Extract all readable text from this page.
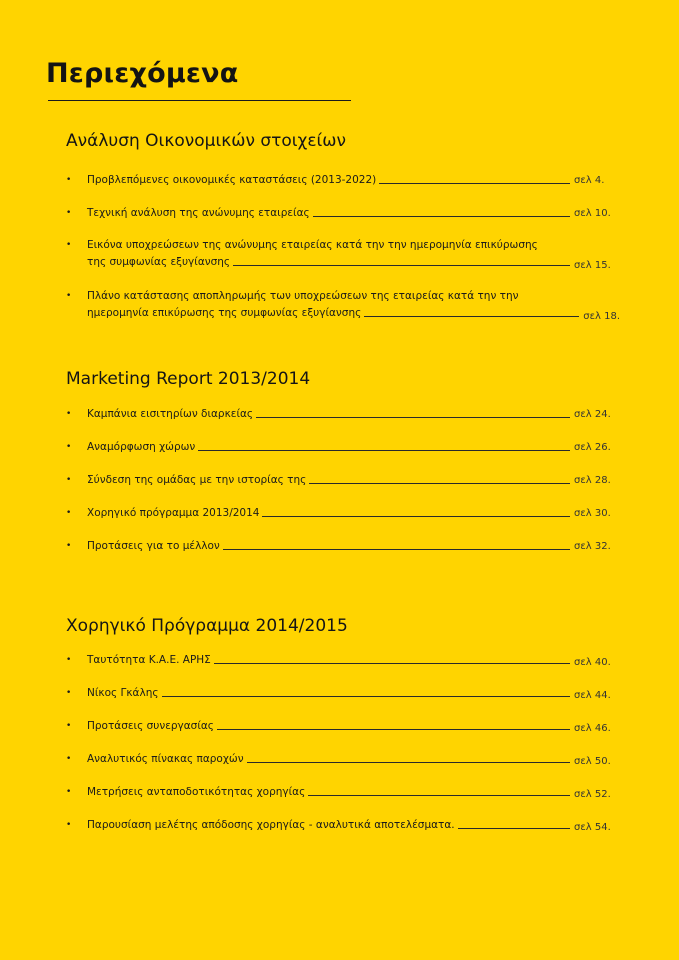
Περιεχόμενα
Ανάλυση Οικονομικών στοιχείων
• Προβλεπόμενες οικονομικές καταστάσεις (2013-2022)	σελ 4.
• Τεχνική ανάλυση της ανώνυμης εταιρείας	σελ 10.
• Εικόνα υποχρεώσεων της ανώνυμης εταιρείας κατά την την ημερομηνία επικύρωσης
της συμφωνίας εξυγίανσης	σελ 15.
• Πλάνο κατάστασης αποπληρωμής των υποχρεώσεων της εταιρείας κατά την την
ημερομηνία επικύρωσης της συμφωνίας εξυγίανσης	σελ 18.
Marketing Report 2013/2014
• Καμπάνια εισιτηρίων διαρκείας	σελ 24.
• Αναμόρφωση χώρων	σελ 26.
• Σύνδεση της ομάδας με την ιστορίας της	σελ 28.
• Χορηγικό πρόγραμμα 2013/2014	σελ 30.
• Προτάσεις για το μέλλον	σελ 32.
Χορηγικό Πρόγραμμα 2014/2015
• Ταυτότητα Κ.Α.Ε. ΑΡΗΣ	σελ 40.
• Νίκος Γκάλης	σελ 44.
• Προτάσεις συνεργασίας	σελ 46.
• Αναλυτικός πίνακας παροχών	σελ 50.
• Μετρήσεις ανταποδοτικότητας χορηγίας	σελ 52.
• Παρουσίαση μελέτης απόδοσης χορηγίας - αναλυτικά αποτελέσματα.	σελ 54.
